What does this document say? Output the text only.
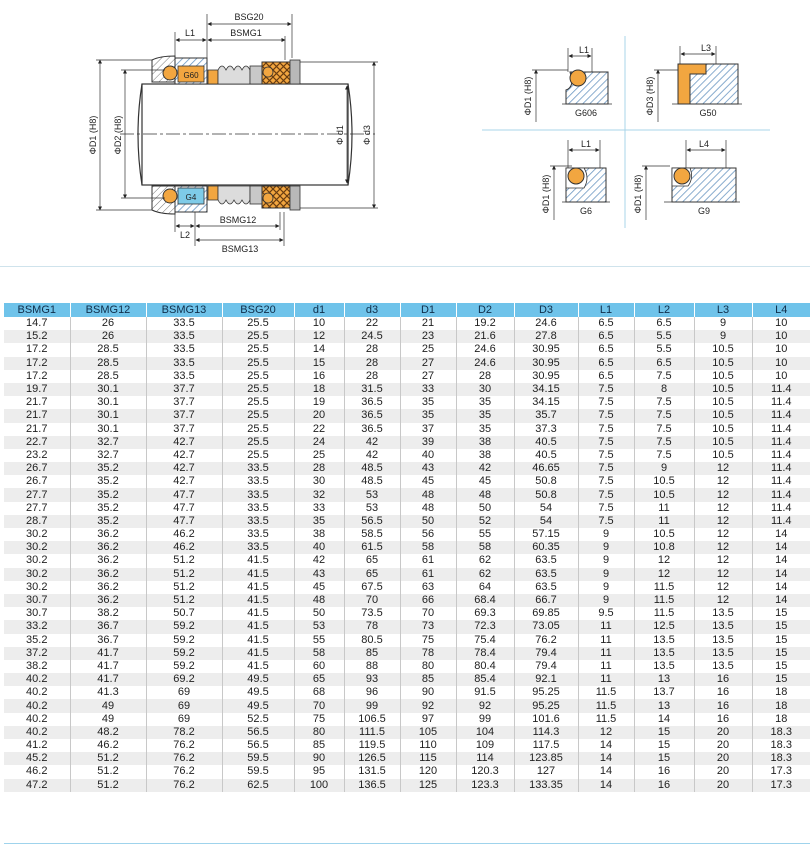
BSG20
BSMG1
L1
G60
G4
L2
BSMG12
BSMG13
ΦD1 (H8) ΦD2 (H8)	Φ d1 Φ d3
L1
G606
ΦD1 (H8)
L3
G50
ΦD3 (H8)
L1
G6
ΦD1 (H8)
L4
G9
ΦD1 (H8)
BSMG1	BSMG12	BSMG13	BSG20	d1	d3	D1	D2	D3	L1	L2	L3	L4
14.7	26	33.5	25.5	10	22	21	19.2	24.6	6.5	6.5	9	10
15.2	26	33.5	25.5	12	24.5	23	21.6	27.8	6.5	5.5	9	10
17.2	28.5	33.5	25.5	14	28	25	24.6	30.95	6.5	5.5	10.5	10
17.2	28.5	33.5	25.5	15	28	27	24.6	30.95	6.5	6.5	10.5	10
17.2	28.5	33.5	25.5	16	28	27	28	30.95	6.5	7.5	10.5	10
19.7	30.1	37.7	25.5	18	31.5	33	30	34.15	7.5	8	10.5	11.4
21.7	30.1	37.7	25.5	19	36.5	35	35	34.15	7.5	7.5	10.5	11.4
21.7	30.1	37.7	25.5	20	36.5	35	35	35.7	7.5	7.5	10.5	11.4
21.7	30.1	37.7	25.5	22	36.5	37	35	37.3	7.5	7.5	10.5	11.4
22.7	32.7	42.7	25.5	24	42	39	38	40.5	7.5	7.5	10.5	11.4
23.2	32.7	42.7	25.5	25	42	40	38	40.5	7.5	7.5	10.5	11.4
26.7	35.2	42.7	33.5	28	48.5	43	42	46.65	7.5	9	12	11.4
26.7	35.2	42.7	33.5	30	48.5	45	45	50.8	7.5	10.5	12	11.4
27.7	35.2	47.7	33.5	32	53	48	48	50.8	7.5	10.5	12	11.4
27.7	35.2	47.7	33.5	33	53	48	50	54	7.5	11	12	11.4
28.7	35.2	47.7	33.5	35	56.5	50	52	54	7.5	11	12	11.4
30.2	36.2	46.2	33.5	38	58.5	56	55	57.15	9	10.5	12	14
30.2	36.2	46.2	33.5	40	61.5	58	58	60.35	9	10.8	12	14
30.2	36.2	51.2	41.5	42	65	61	62	63.5	9	12	12	14
30.2	36.2	51.2	41.5	43	65	61	62	63.5	9	12	12	14
30.2	36.2	51.2	41.5	45	67.5	63	64	63.5	9	11.5	12	14
30.7	36.2	51.2	41.5	48	70	66	68.4	66.7	9	11.5	12	14
30.7	38.2	50.7	41.5	50	73.5	70	69.3	69.85	9.5	11.5	13.5	15
33.2	36.7	59.2	41.5	53	78	73	72.3	73.05	11	12.5	13.5	15
35.2	36.7	59.2	41.5	55	80.5	75	75.4	76.2	11	13.5	13.5	15
37.2	41.7	59.2	41.5	58	85	78	78.4	79.4	11	13.5	13.5	15
38.2	41.7	59.2	41.5	60	88	80	80.4	79.4	11	13.5	13.5	15
40.2	41.7	69.2	49.5	65	93	85	85.4	92.1	11	13	16	15
40.2	41.3	69	49.5	68	96	90	91.5	95.25	11.5	13.7	16	18
40.2	49	69	49.5	70	99	92	92	95.25	11.5	13	16	18
40.2	49	69	52.5	75	106.5	97	99	101.6	11.5	14	16	18
40.2	48.2	78.2	56.5	80	111.5	105	104	114.3	12	15	20	18.3
41.2	46.2	76.2	56.5	85	119.5	110	109	117.5	14	15	20	18.3
45.2	51.2	76.2	59.5	90	126.5	115	114	123.85	14	15	20	18.3
46.2	51.2	76.2	59.5	95	131.5	120	120.3	127	14	16	20	17.3
47.2	51.2	76.2	62.5	100	136.5	125	123.3	133.35	14	16	20	17.3
